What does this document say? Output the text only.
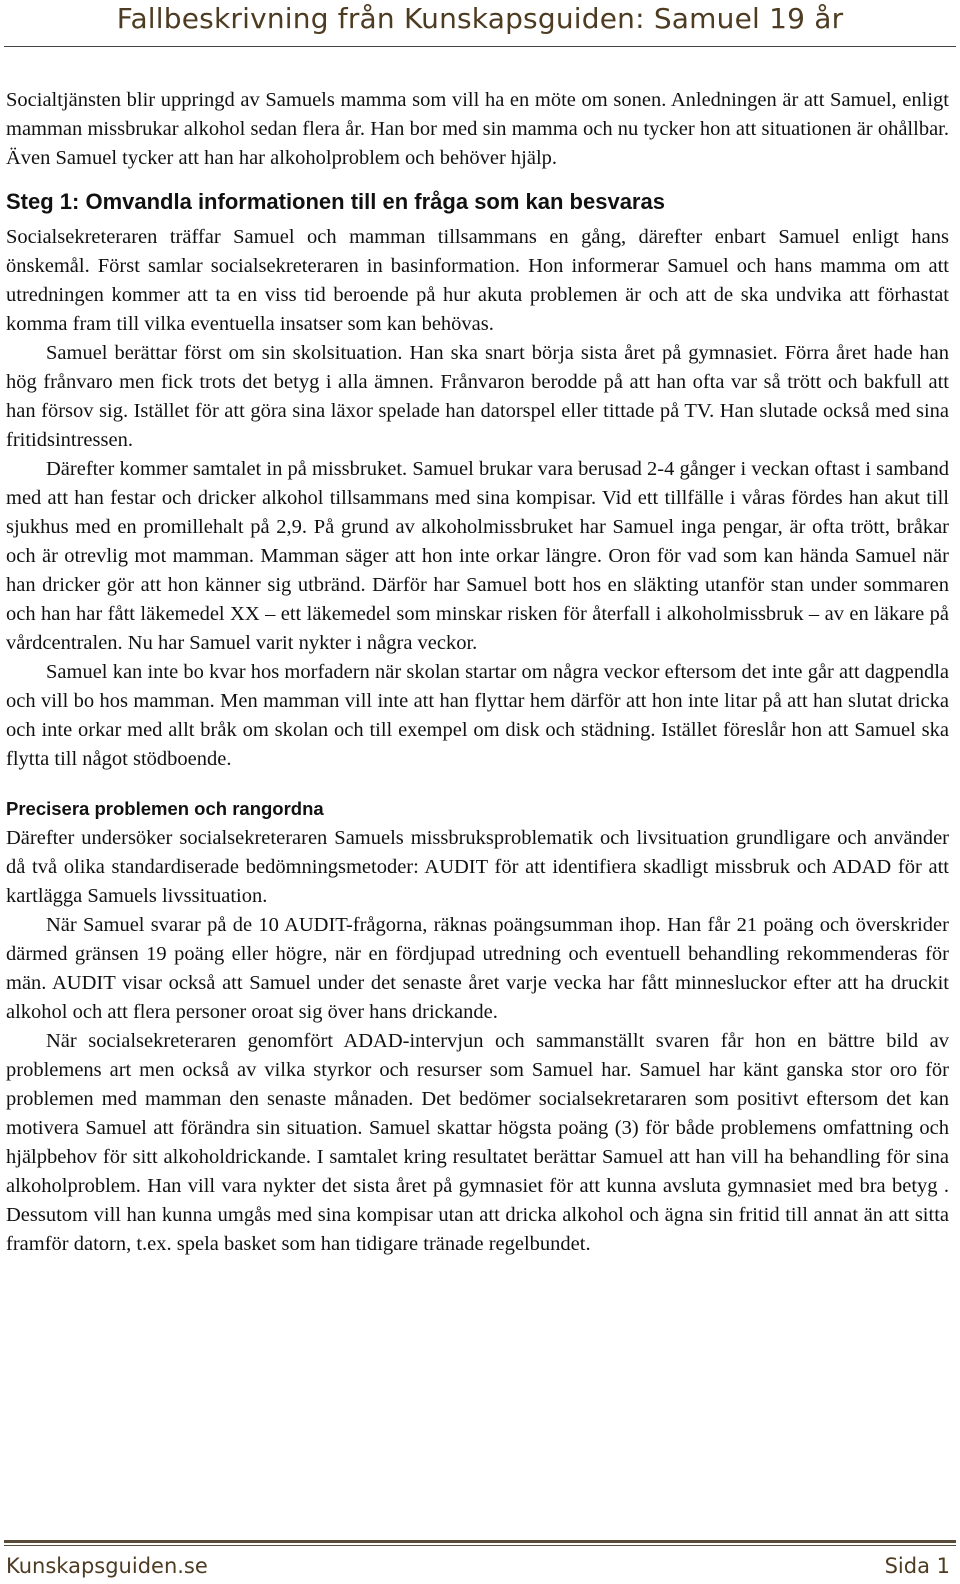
Fallbeskrivning från Kunskapsguiden: Samuel 19 år

Socialtjänsten blir uppringd av Samuels mamma som vill ha en möte om sonen. Anledningen är att Samuel, enligt mamman missbrukar alkohol sedan flera år. Han bor med sin mamma och nu tycker hon att situationen är ohållbar. Även Samuel tycker att han har alkoholproblem och behöver hjälp.

Steg 1: Omvandla informationen till en fråga som kan besvaras

Socialsekreteraren träffar Samuel och mamman tillsammans en gång, därefter enbart Samuel enligt hans önskemål. Först samlar socialsekreteraren in basinformation. Hon informerar Samuel och hans mamma om att utredningen kommer att ta en viss tid beroende på hur akuta problemen är och att de ska undvika att förhastat komma fram till vilka eventuella insatser som kan behövas.

Samuel berättar först om sin skolsituation. Han ska snart börja sista året på gymnasiet. Förra året hade han hög frånvaro men fick trots det betyg i alla ämnen. Frånvaron berodde på att han ofta var så trött och bakfull att han försov sig. Istället för att göra sina läxor spelade han datorspel eller tittade på TV. Han slutade också med sina fritidsintressen.

Därefter kommer samtalet in på missbruket. Samuel brukar vara berusad 2-4 gånger i veckan oftast i samband med att han festar och dricker alkohol tillsammans med sina kompisar. Vid ett tillfälle i våras fördes han akut till sjukhus med en promillehalt på 2,9. På grund av alkoholmissbruket har Samuel inga pengar, är ofta trött, bråkar och är otrevlig mot mamman. Mamman säger att hon inte orkar längre. Oron för vad som kan hända Samuel när han dricker gör att hon känner sig utbränd. Därför har Samuel bott hos en släkting utanför stan under sommaren och han har fått läkemedel XX – ett läkemedel som minskar risken för återfall i alkoholmissbruk – av en läkare på vårdcentralen. Nu har Samuel varit nykter i några veckor.

Samuel kan inte bo kvar hos morfadern när skolan startar om några veckor eftersom det inte går att dagpendla och vill bo hos mamman. Men mamman vill inte att han flyttar hem därför att hon inte litar på att han slutat dricka och inte orkar med allt bråk om skolan och till exempel om disk och städning. Istället föreslår hon att Samuel ska flytta till något stödboende.

Precisera problemen och rangordna

Därefter undersöker socialsekreteraren Samuels missbruksproblematik och livsituation grundligare och använder då två olika standardiserade bedömningsmetoder: AUDIT för att identifiera skadligt missbruk och ADAD för att kartlägga Samuels livssituation.

När Samuel svarar på de 10 AUDIT-frågorna, räknas poängsumman ihop. Han får 21 poäng och överskrider därmed gränsen 19 poäng eller högre, när en fördjupad utredning och eventuell behandling rekommenderas för män. AUDIT visar också att Samuel under det senaste året varje vecka har fått minnesluckor efter att ha druckit alkohol och att flera personer oroat sig över hans drickande.

När socialsekreteraren genomfört ADAD-intervjun och sammanställt svaren får hon en bättre bild av problemens art men också av vilka styrkor och resurser som Samuel har. Samuel har känt ganska stor oro för problemen med mamman den senaste månaden. Det bedömer socialsekretararen som positivt eftersom det kan motivera Samuel att förändra sin situation. Samuel skattar högsta poäng (3) för både problemens omfattning och hjälpbehov för sitt alkoholdrickande. I samtalet kring resultatet berättar Samuel att han vill ha behandling för sina alkoholproblem. Han vill vara nykter det sista året på gymnasiet för att kunna avsluta gymnasiet med bra betyg . Dessutom vill han kunna umgås med sina kompisar utan att dricka alkohol och ägna sin fritid till annat än att sitta framför datorn, t.ex. spela basket som han tidigare tränade regelbundet.

Kunskapsguiden.se	Sida 1
